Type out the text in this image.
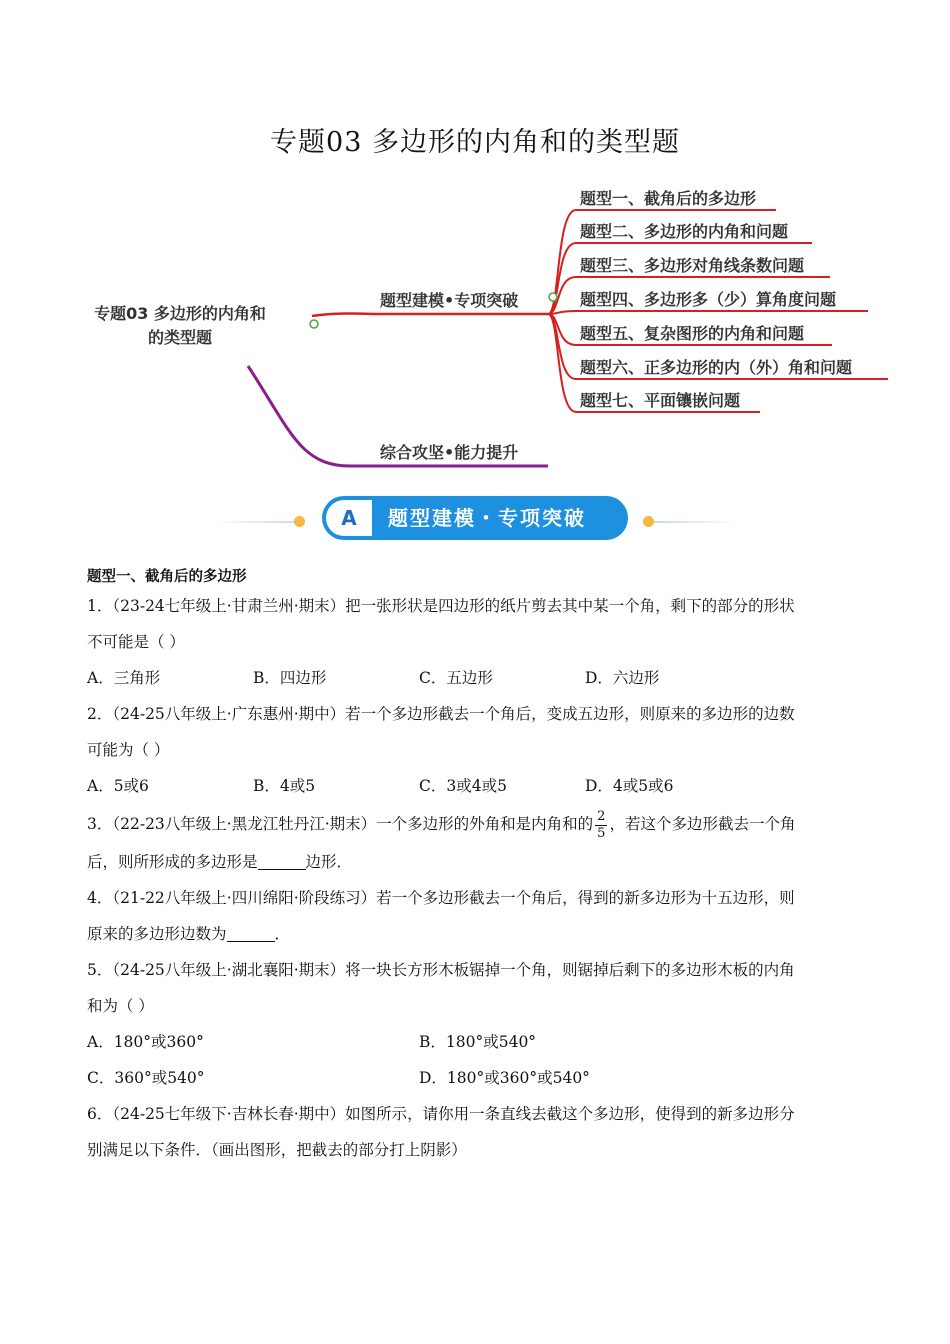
专题03 多边形的内角和的类型题
专题03 多边形的内角和
的类型题
题型建模•专项突破
综合攻坚•能力提升
题型一、截角后的多边形
题型二、多边形的内角和问题
题型三、多边形对角线条数问题
题型四、多边形多（少）算角度问题
题型五、复杂图形的内角和问题
题型六、正多边形的内（外）角和问题
题型七、平面镶嵌问题
A	题型建模・专项突破
题型一、截角后的多边形
1．（23-24七年级上·甘肃兰州·期末）把一张形状是四边形的纸片剪去其中某一个角，剩下的部分的形状
不可能是（ ）
A．三角形	B．四边形	C．五边形	D．六边形
2．（24-25八年级上·广东惠州·期中）若一个多边形截去一个角后，变成五边形，则原来的多边形的边数
可能为（ ）
A．5或6	B．4或5	C．3或4或5	D．4或5或6
3．（22-23八年级上·黑龙江牡丹江·期末）一个多边形的外角和是内角和的 $\frac{2}{5}$ ，若这个多边形截去一个角
后，则所形成的多边形是	边形．
4．（21-22八年级上·四川绵阳·阶段练习）若一个多边形截去一个角后，得到的新多边形为十五边形，则
原来的多边形边数为	．
5．（24-25八年级上·湖北襄阳·期末）将一块长方形木板锯掉一个角，则锯掉后剩下的多边形木板的内角
和为（ ）
A．180°或360°	B．180°或540°
C．360°或540°	D．180°或360°或540°
6．（24-25七年级下·吉林长春·期中）如图所示，请你用一条直线去截这个多边形，使得到的新多边形分
别满足以下条件．（画出图形，把截去的部分打上阴影）
